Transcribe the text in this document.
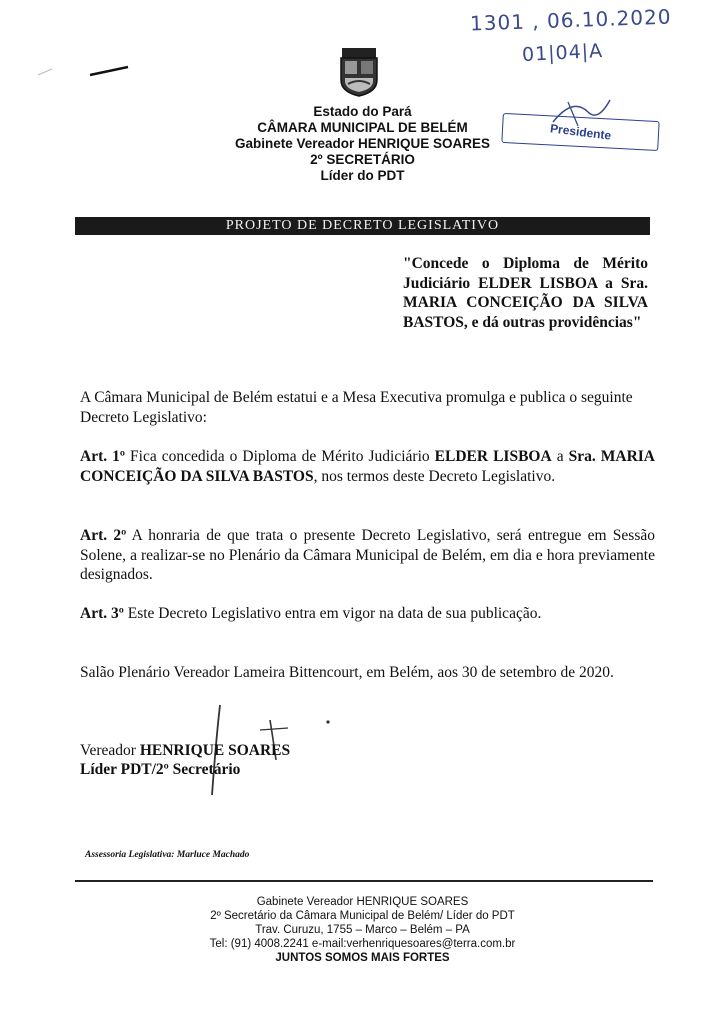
1301 , 06.10.2020
01|04|A
Estado do Pará
CÂMARA MUNICIPAL DE BELÉM
Gabinete Vereador HENRIQUE SOARES
2º SECRETÁRIO
Líder do PDT
Presidente
PROJETO DE DECRETO LEGISLATIVO
"Concede o Diploma de Mérito Judiciário ELDER LISBOA a Sra. MARIA CONCEIÇÃO DA SILVA BASTOS, e dá outras providências"
A Câmara Municipal de Belém estatui e a Mesa Executiva promulga e publica o seguinte Decreto Legislativo:
Art. 1º Fica concedida o Diploma de Mérito Judiciário ELDER LISBOA a Sra. MARIA CONCEIÇÃO DA SILVA BASTOS, nos termos deste Decreto Legislativo.
Art. 2º A honraria de que trata o presente Decreto Legislativo, será entregue em Sessão Solene, a realizar-se no Plenário da Câmara Municipal de Belém, em dia e hora previamente designados.
Art. 3º Este Decreto Legislativo entra em vigor na data de sua publicação.
Salão Plenário Vereador Lameira Bittencourt, em Belém, aos 30 de setembro de 2020.
Vereador HENRIQUE SOARES
Líder PDT/2º Secretário
Assessoria Legislativa: Marluce Machado
Gabinete Vereador HENRIQUE SOARES
2º Secretário da Câmara Municipal de Belém/ Líder do PDT
Trav. Curuzu, 1755 – Marco – Belém – PA
Tel: (91) 4008.2241 e-mail:verhenriquesoares@terra.com.br
JUNTOS SOMOS MAIS FORTES
